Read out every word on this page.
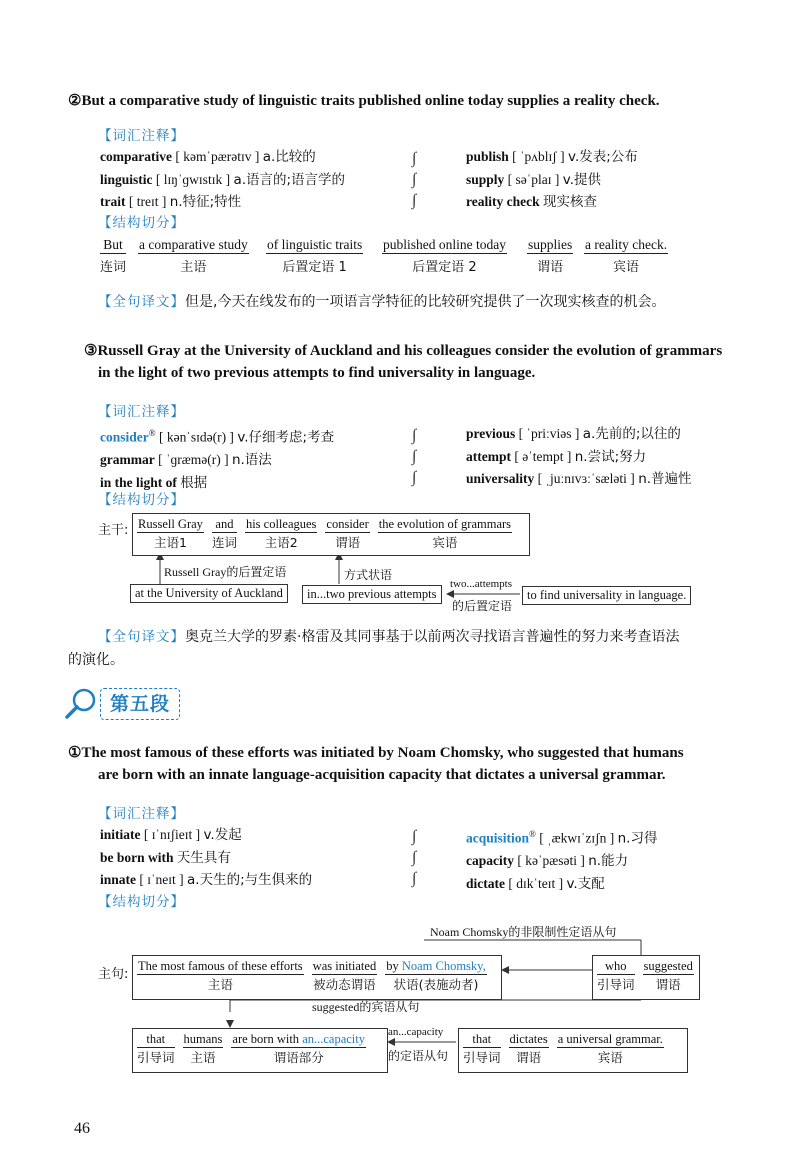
②But a comparative study of linguistic traits published online today supplies a reality check.
【词汇注释】
comparative [ kəmˈpærətɪv ] a.比较的
linguistic [ lɪŋˈɡwɪstɪk ] a.语言的;语言学的
trait [ treɪt ] n.特征;特性
∫
∫
∫
publish [ ˈpʌblɪʃ ] v.发表;公布
supply [ səˈplaɪ ] v.提供
reality check 现实核查
【结构切分】
But
连词
a comparative study
主语
of linguistic traits
后置定语 1
published online today
后置定语 2
supplies
谓语
a reality check.
宾语
【全句译文】但是,今天在线发布的一项语言学特征的比较研究提供了一次现实核查的机会。
③Russell Gray at the University of Auckland and his colleagues consider the evolution of grammars
in the light of two previous attempts to find universality in language.
【词汇注释】
consider® [ kənˈsɪdə(r) ] v.仔细考虑;考查
grammar [ ˈɡræmə(r) ] n.语法
in the light of 根据
∫
∫
∫
previous [ ˈpriːviəs ] a.先前的;以往的
attempt [ əˈtempt ] n.尝试;努力
universality [ ˌjuːnɪvɜːˈsæləti ] n.普遍性
【结构切分】
主干: Russell Gray
主语1
and
连词
his colleagues
主语2
consider
谓语
the evolution of grammars
宾语
Russell Gray的后置定语
at the University of Auckland
方式状语
in...two previous attempts
two...attempts
的后置定语
to find universality in language.
【全句译文】奥克兰大学的罗素·格雷及其同事基于以前两次寻找语言普遍性的努力来考查语法
的演化。
第五段
①The most famous of these efforts was initiated by Noam Chomsky, who suggested that humans
are born with an innate language-acquisition capacity that dictates a universal grammar.
【词汇注释】
initiate [ ɪˈnɪʃieɪt ] v.发起
be born with 天生具有
innate [ ɪˈneɪt ] a.天生的;与生俱来的
∫
∫
∫
acquisition® [ ˌækwɪˈzɪʃn ] n.习得
capacity [ kəˈpæsəti ] n.能力
dictate [ dɪkˈteɪt ] v.支配
【结构切分】
Noam Chomsky的非限制性定语从句
主句:
The most famous of these efforts
主语
was initiated
被动态谓语
by Noam Chomsky,
状语(表施动者)
who
引导词
suggested
谓语
suggested的宾语从句
that
引导词
humans
主语
are born with an...capacity
谓语部分
an...capacity
的定语从句
that
引导词
dictates
谓语
a universal grammar.
宾语
46
